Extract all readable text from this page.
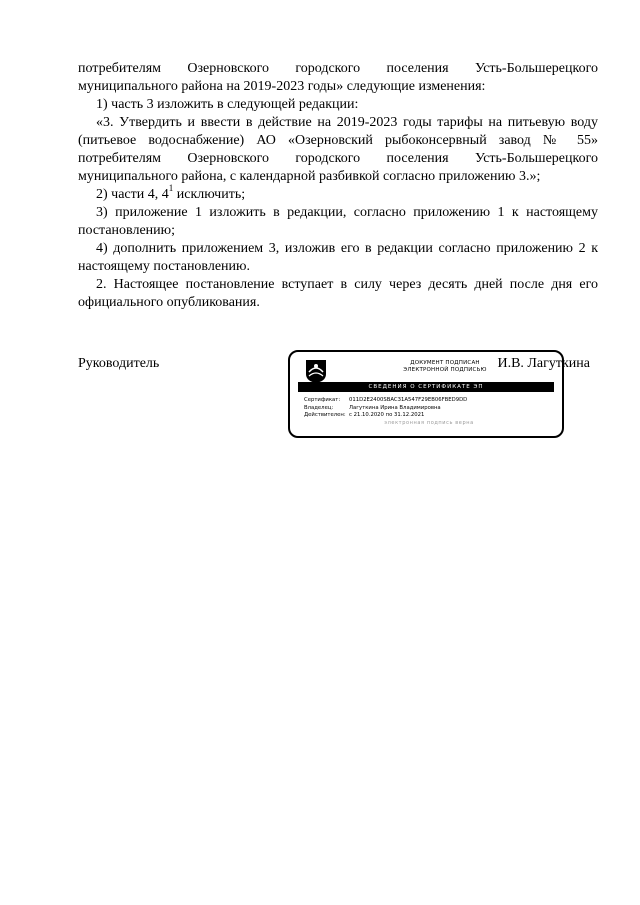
потребителям Озерновского городского поселения Усть-Большерецкого муниципального района на 2019-2023 годы» следующие изменения:

1) часть 3 изложить в следующей редакции:

«3. Утвердить и ввести в действие на 2019-2023 годы тарифы на питьевую воду (питьевое водоснабжение) АО «Озерновский рыбоконсервный завод № 55» потребителям Озерновского городского поселения Усть-Большерецкого муниципального района, с календарной разбивкой согласно приложению 3.»;

2) части 4, $4^1$ исключить;

3) приложение 1 изложить в редакции, согласно приложению 1 к настоящему постановлению;

4) дополнить приложением 3, изложив его в редакции согласно приложению 2 к настоящему постановлению.

2. Настоящее постановление вступает в силу через десять дней после дня его официального опубликования.

Руководитель	ДОКУМЕНТ ПОДПИСАН
ЭЛЕКТРОННОЙ ПОДПИСЬЮ
СВЕДЕНИЯ О СЕРТИФИКАТЕ ЭП
Сертификат:	011D2E2400SBAC31A547F29EB06FBED9DD
Владелец:	Лагуткина Ирина Владимировна
Действителен: с 21.10.2020 по 31.12.2021
электронная подпись верна
И.В. Лагуткина
